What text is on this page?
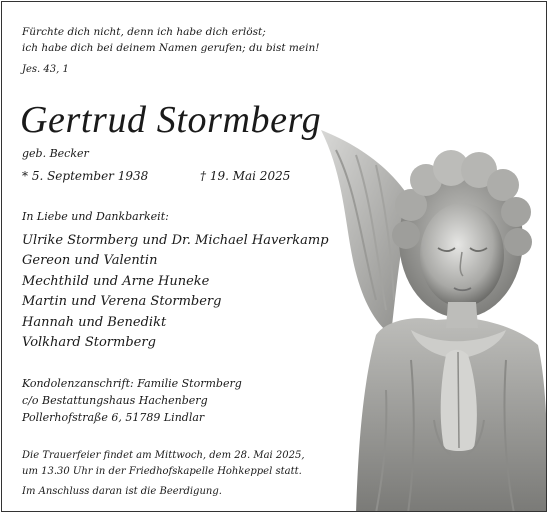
Fürchte dich nicht, denn ich habe dich erlöst;
ich habe dich bei deinem Namen gerufen; du bist mein!
Jes. 43, 1
Gertrud Stormberg
geb. Becker
* 5. September 1938	† 19. Mai 2025
In Liebe und Dankbarkeit:
Ulrike Stormberg und Dr. Michael Haverkamp
Gereon und Valentin
Mechthild und Arne Huneke
Martin und Verena Stormberg
Hannah und Benedikt
Volkhard Stormberg
Kondolenzanschrift: Familie Stormberg
c/o Bestattungshaus Hachenberg
Pollerhofstraße 6, 51789 Lindlar
Die Trauerfeier findet am Mittwoch, dem 28. Mai 2025,
um 13.30 Uhr in der Friedhofskapelle Hohkeppel statt.
Im Anschluss daran ist die Beerdigung.
